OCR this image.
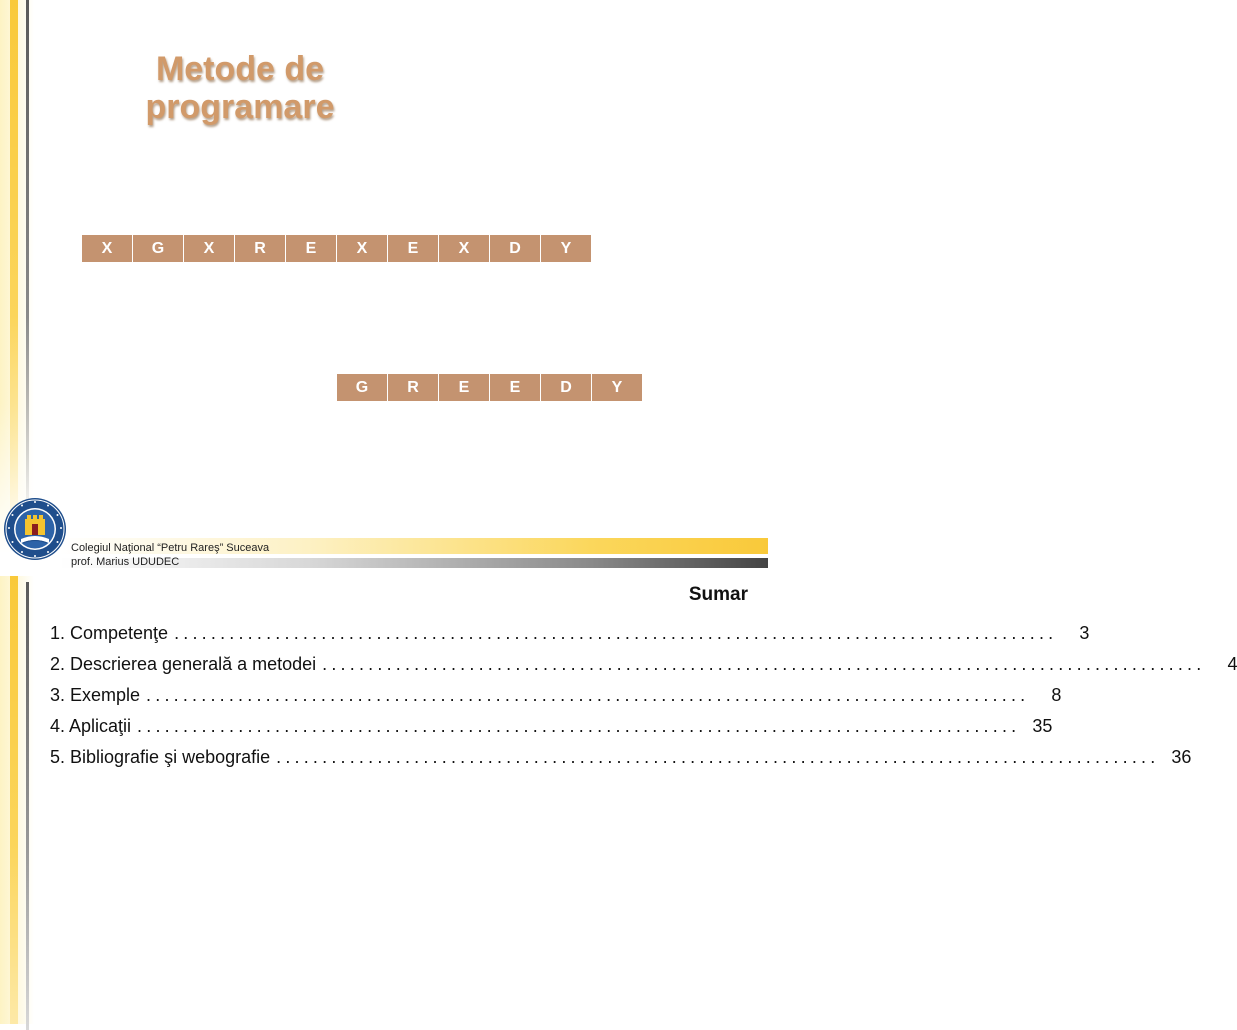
Metode de
programare
X	G	X	R	E	X	E	X	D	Y
G	R	E	E	D	Y
Colegiul Naţional “Petru Rareş” Suceava
prof. Marius UDUDEC
Sumar
1. Competenţe ................................................................................................	3
2. Descrierea generală a metodei ................................................................................................	4
3. Exemple ................................................................................................	8
4. Aplicaţii ................................................................................................ 35
5. Bibliografie şi webografie ................................................................................................ 36
